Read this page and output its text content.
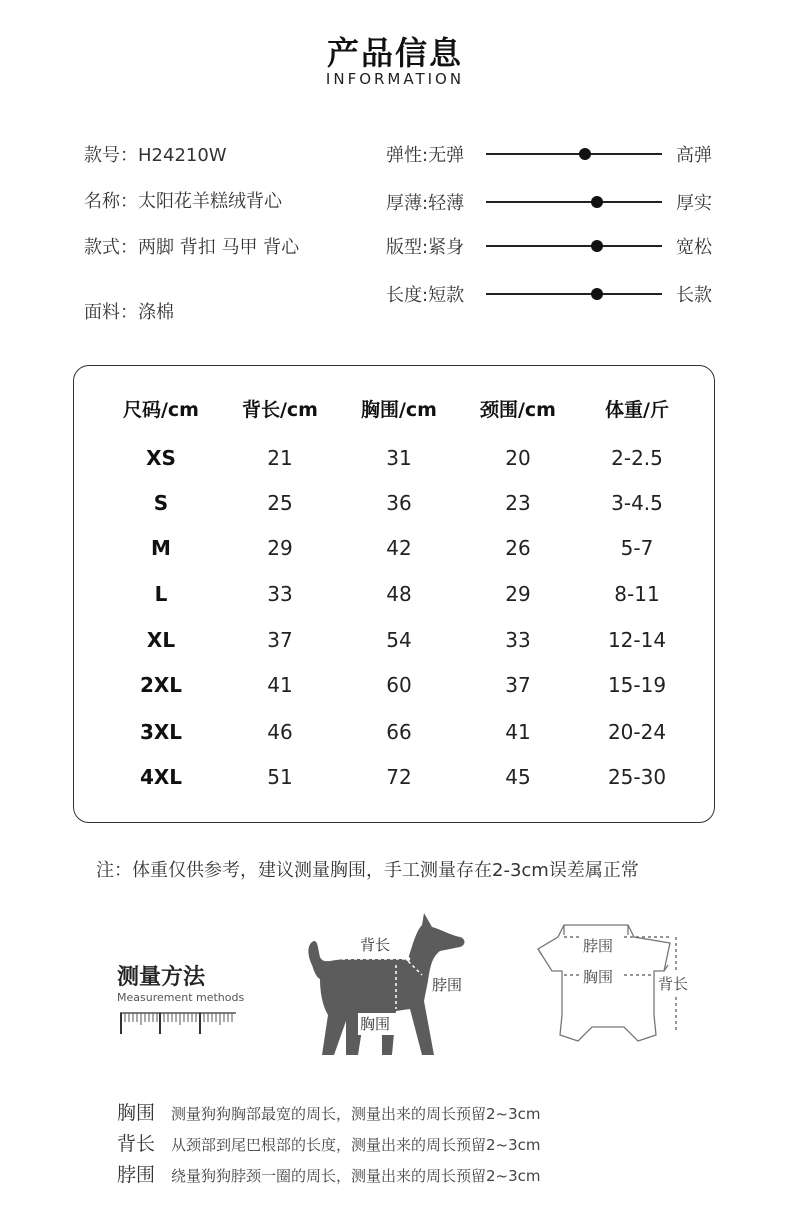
产品信息
INFORMATION
款号：H24210W
名称：太阳花羊糕绒背心
款式：两脚 背扣 马甲 背心
面料：涤棉
弹性:无弹	高弹
厚薄:轻薄	厚实
版型:紧身	宽松
长度:短款	长款
尺码/cm	背长/cm	胸围/cm	颈围/cm	体重/斤
XS	21	31	20	2-2.5
S	25	36	23	3-4.5
M	29	42	26	5-7
L	33	48	29	8-11
XL	37	54	33	12-14
2XL	41	60	37	15-19
3XL	46	66	41	20-24
4XL	51	72	45	25-30
注：体重仅供参考，建议测量胸围，手工测量存在2-3cm误差属正常
测量方法
Measurement methods
背长
脖围
胸围
脖围
胸围	背长
胸围 测量狗狗胸部最宽的周长，测量出来的周长预留2~3cm
背长 从颈部到尾巴根部的长度，测量出来的周长预留2~3cm
脖围 绕量狗狗脖颈一圈的周长，测量出来的周长预留2~3cm
